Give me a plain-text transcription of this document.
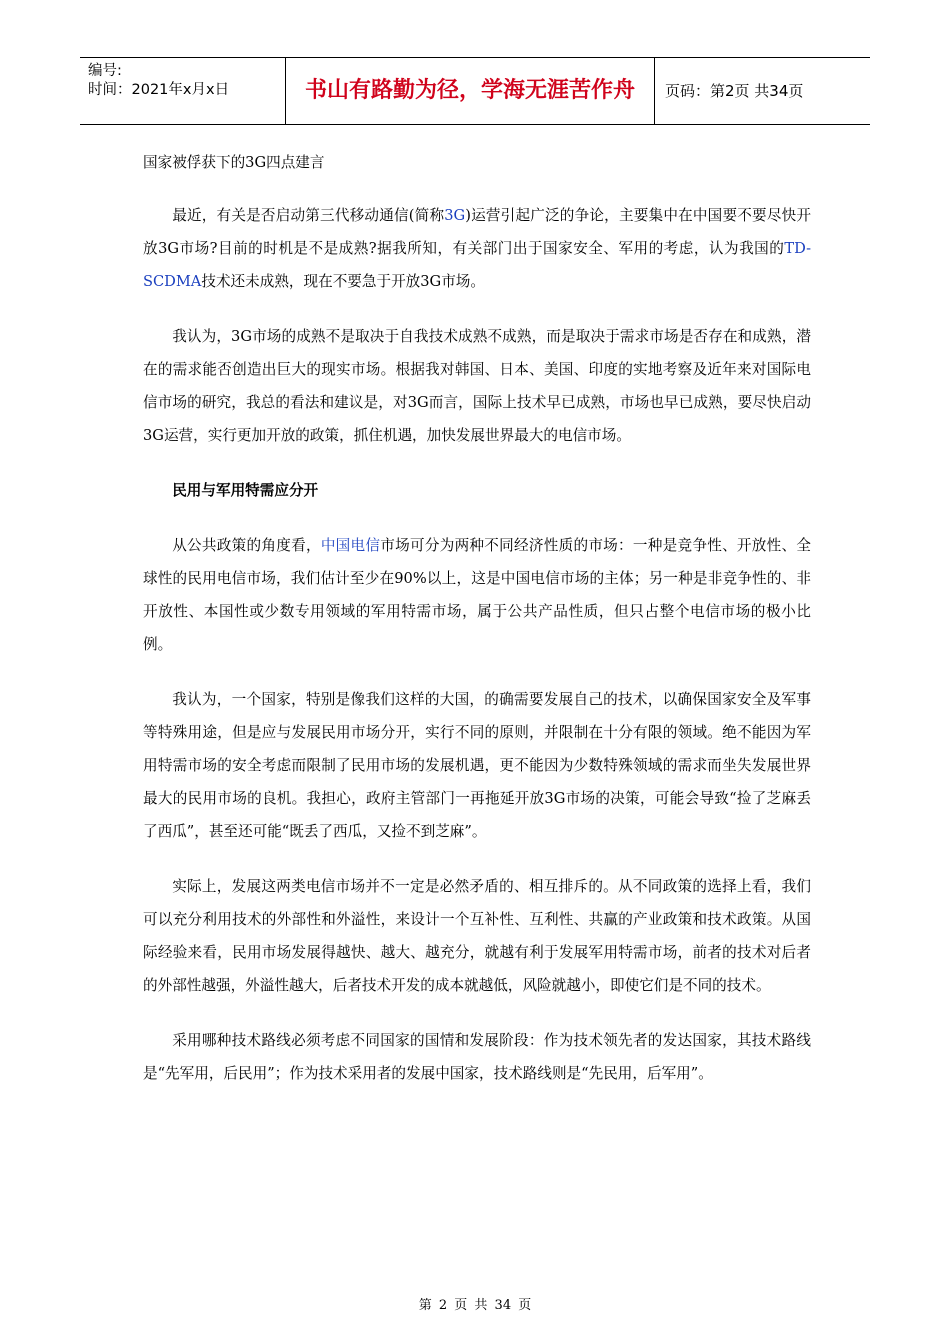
编号:
时间：2021年x月x日	书山有路勤为径，学海无涯苦作舟	页码：第2页 共34页

国家被俘获下的3G四点建言

最近，有关是否启动第三代移动通信(简称3G)运营引起广泛的争论，主要集中在中国要不要尽快开放3G市场?目前的时机是不是成熟?据我所知，有关部门出于国家安全、军用的考虑，认为我国的TD-SCDMA技术还未成熟，现在不要急于开放3G市场。

我认为，3G市场的成熟不是取决于自我技术成熟不成熟，而是取决于需求市场是否存在和成熟，潜在的需求能否创造出巨大的现实市场。根据我对韩国、日本、美国、印度的实地考察及近年来对国际电信市场的研究，我总的看法和建议是，对3G而言，国际上技术早已成熟，市场也早已成熟，要尽快启动3G运营，实行更加开放的政策，抓住机遇，加快发展世界最大的电信市场。

民用与军用特需应分开

从公共政策的角度看，中国电信市场可分为两种不同经济性质的市场：一种是竞争性、开放性、全球性的民用电信市场，我们估计至少在90%以上，这是中国电信市场的主体；另一种是非竞争性的、非开放性、本国性或少数专用领域的军用特需市场，属于公共产品性质，但只占整个电信市场的极小比例。

我认为，一个国家，特别是像我们这样的大国，的确需要发展自己的技术，以确保国家安全及军事等特殊用途，但是应与发展民用市场分开，实行不同的原则，并限制在十分有限的领域。绝不能因为军用特需市场的安全考虑而限制了民用市场的发展机遇，更不能因为少数特殊领域的需求而坐失发展世界最大的民用市场的良机。我担心，政府主管部门一再拖延开放3G市场的决策，可能会导致“捡了芝麻丢了西瓜”，甚至还可能“既丢了西瓜，又捡不到芝麻”。

实际上，发展这两类电信市场并不一定是必然矛盾的、相互排斥的。从不同政策的选择上看，我们可以充分利用技术的外部性和外溢性，来设计一个互补性、互利性、共赢的产业政策和技术政策。从国际经验来看，民用市场发展得越快、越大、越充分，就越有利于发展军用特需市场，前者的技术对后者的外部性越强，外溢性越大，后者技术开发的成本就越低，风险就越小，即使它们是不同的技术。

采用哪种技术路线必须考虑不同国家的国情和发展阶段：作为技术领先者的发达国家，其技术路线是“先军用，后民用”；作为技术采用者的发展中国家，技术路线则是“先民用，后军用”。

第 2 页 共 34 页
